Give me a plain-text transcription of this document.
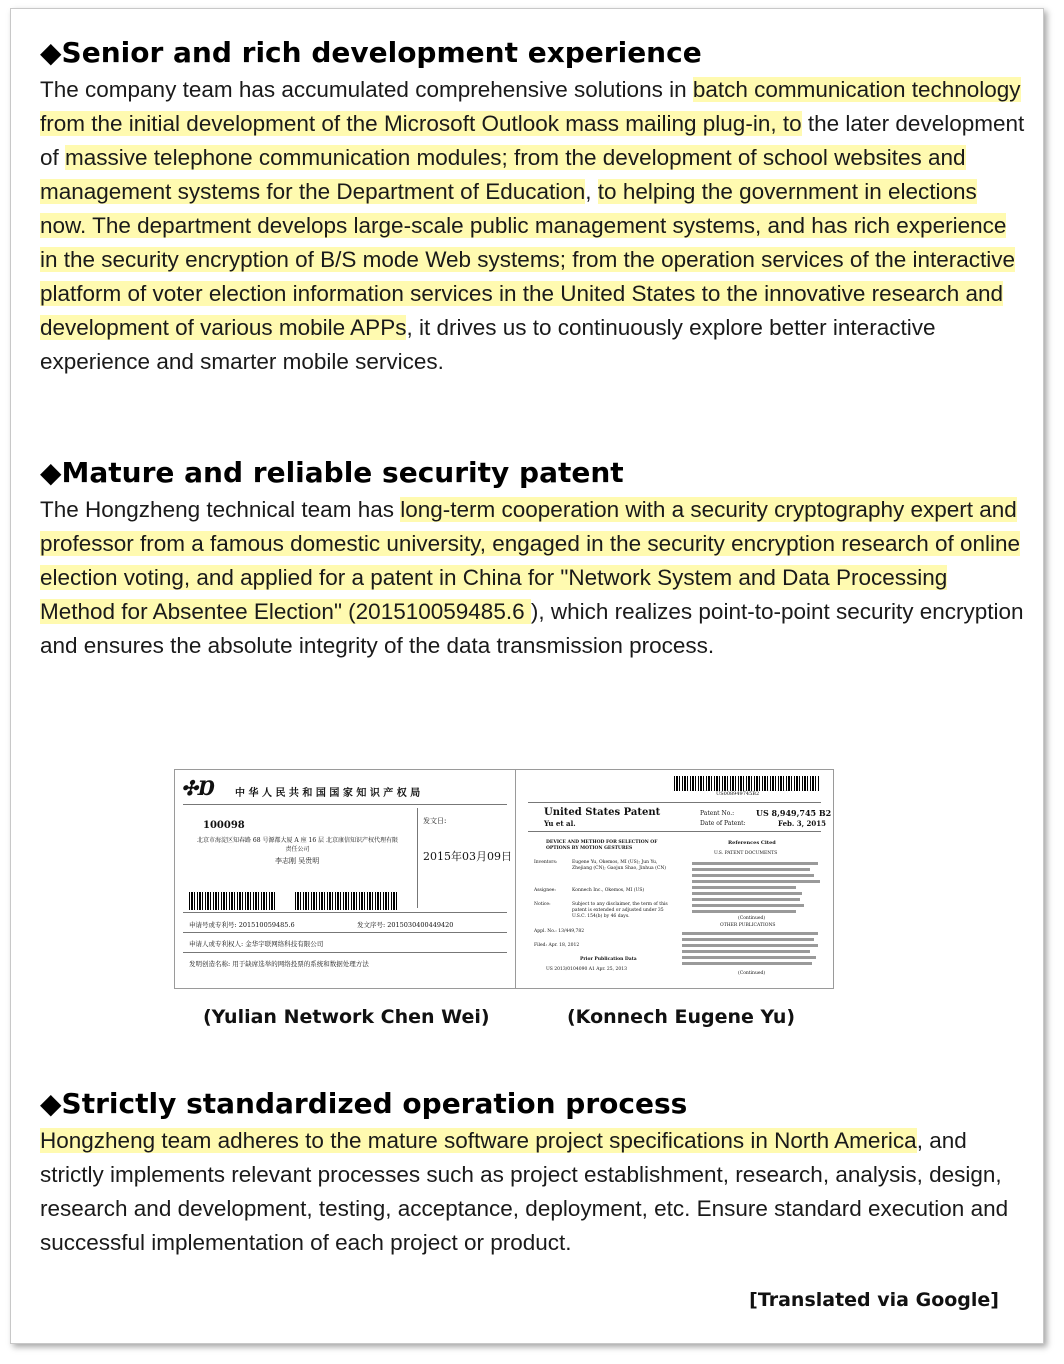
◆Senior and rich development experience

The company team has accumulated comprehensive solutions in batch communication technology from the initial development of the Microsoft Outlook mass mailing plug-in, to the later development of massive telephone communication modules; from the development of school websites and management systems for the Department of Education, to helping the government in elections now. The department develops large-scale public management systems, and has rich experience in the security encryption of B/S mode Web systems; from the operation services of the interactive platform of voter election information services in the United States to the innovative research and development of various mobile APPs, it drives us to continuously explore better interactive experience and smarter mobile services.

◆Mature and reliable security patent

The Hongzheng technical team has long-term cooperation with a security cryptography expert and professor from a famous domestic university, engaged in the security encryption research of online election voting, and applied for a patent in China for "Network System and Data Processing Method for Absentee Election" (201510059485.6 ), which realizes point-to-point security encryption and ensures the absolute integrity of the data transmission process.

✣Ɒ 中 华 人 民 共 和 国 国 家 知 识 产 权 局
100098
北京市海淀区知春路 68 号源都大厦 A 座 16 层 北京康信知识产权代理有限责任公司
李志刚 吴贵明
发文日:
2015年03月09日
申请号或专利号: 201510059485.6	发文序号: 2015030400449420
申请人或专利权人: 金华宇联网络科技有限公司
发明创造名称: 用于缺席选举的网络投票的系统和数据处理方法
US008949745B2
United States Patent
Yu et al.
Patent No.:	US 8,949,745 B2
Date of Patent:	Feb. 3, 2015
DEVICE AND METHOD FOR SELECTION OF OPTIONS BY MOTION GESTURES
Inventors:	Eugene Yu, Okemos, MI (US); Jun Yu, Zhejiang (CN); Gaojun Shao, Jinhua (CN)
Assignee:	Konnech Inc., Okemos, MI (US)
Notice:	Subject to any disclaimer, the term of this patent is extended or adjusted under 35 U.S.C. 154(b) by 46 days.
Appl. No.: 13/449,782
Filed: Apr. 18, 2012
Prior Publication Data
US 2013/0104090 A1 Apr. 25, 2013
References Cited
U.S. PATENT DOCUMENTS
(Continued)
OTHER PUBLICATIONS
(Continued)
(Yulian Network Chen Wei)	(Konnech Eugene Yu)
◆Strictly standardized operation process

Hongzheng team adheres to the mature software project specifications in North America, and strictly implements relevant processes such as project establishment, research, analysis, design, research and development, testing, acceptance, deployment, etc. Ensure standard execution and successful implementation of each project or product.

[Translated via Google]
